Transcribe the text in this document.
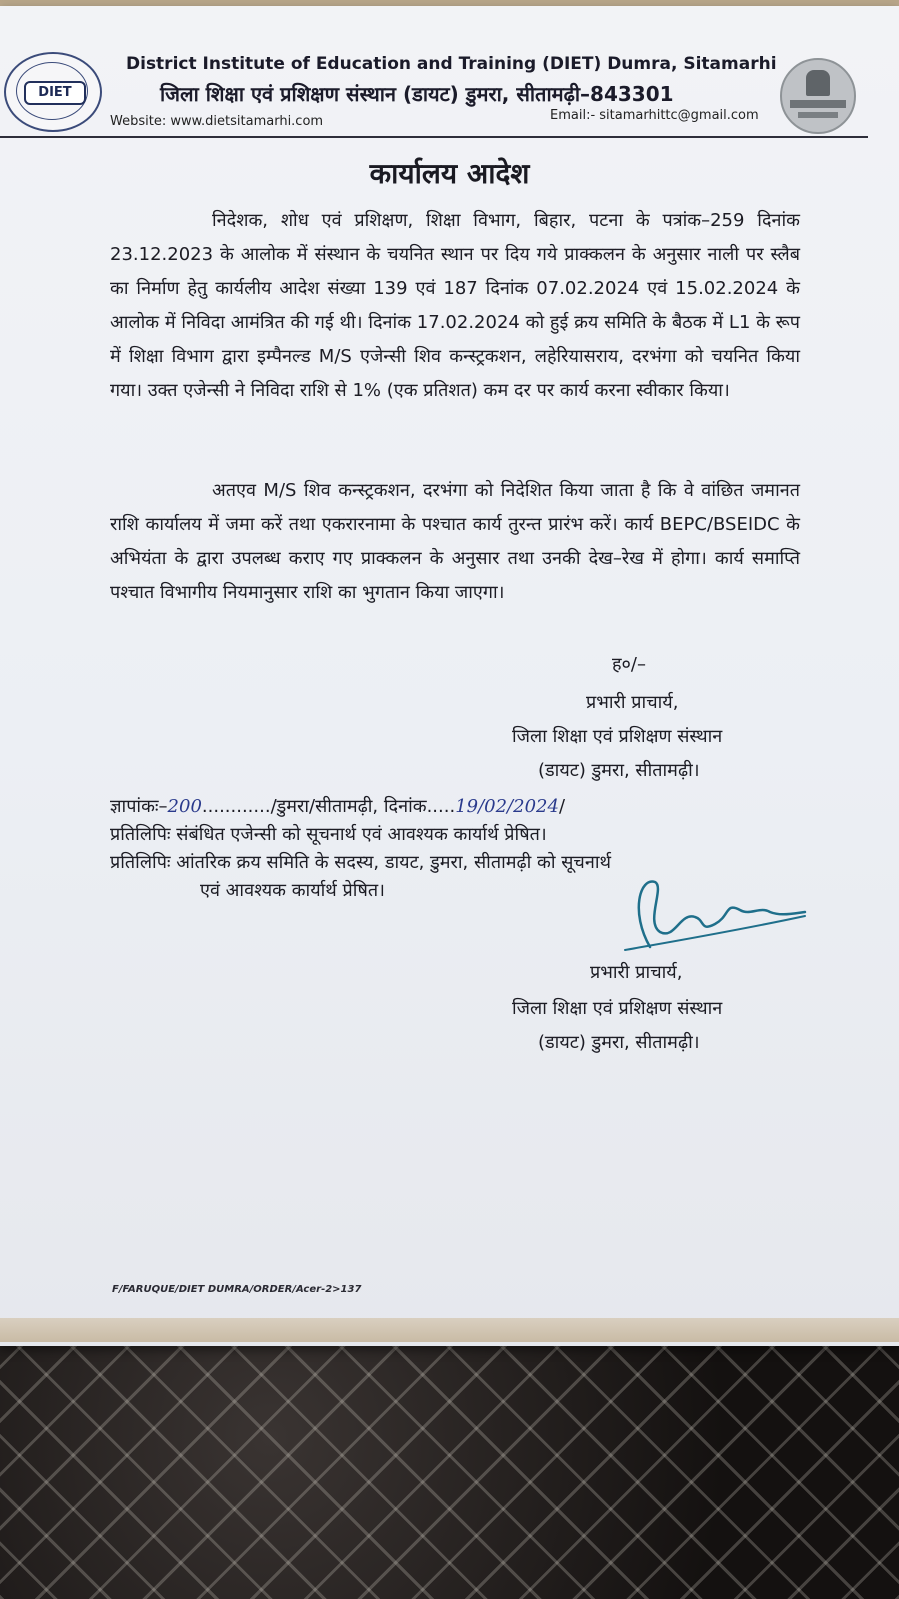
DIET
District Institute of Education and Training (DIET) Dumra, Sitamarhi
जिला शिक्षा एवं प्रशिक्षण संस्थान (डायट) डुमरा, सीतामढ़ी–843301
Website: www.dietsitamarhi.com	Email:- sitamarhittc@gmail.com
कार्यालय आदेश
निदेशक, शोध एवं प्रशिक्षण, शिक्षा विभाग, बिहार, पटना के पत्रांक–259 दिनांक 23.12.2023 के आलोक में संस्थान के चयनित स्थान पर दिय गये प्राक्कलन के अनुसार नाली पर स्लैब का निर्माण हेतु कार्यलीय आदेश संख्या 139 एवं 187 दिनांक 07.02.2024 एवं 15.02.2024 के आलोक में निविदा आमंत्रित की गई थी। दिनांक 17.02.2024 को हुई क्रय समिति के बैठक में L1 के रूप में शिक्षा विभाग द्वारा इम्पैनल्ड M/S एजेन्सी शिव कन्स्ट्रकशन, लहेरियासराय, दरभंगा को चयनित किया गया। उक्त एजेन्सी ने निविदा राशि से 1% (एक प्रतिशत) कम दर पर कार्य करना स्वीकार किया।
अतएव M/S शिव कन्स्ट्रकशन, दरभंगा को निदेशित किया जाता है कि वे वांछित जमानत राशि कार्यालय में जमा करें तथा एकरारनामा के पश्चात कार्य तुरन्त प्रारंभ करें। कार्य BEPC/BSEIDC के अभियंता के द्वारा उपलब्ध कराए गए प्राक्कलन के अनुसार तथा उनकी देख–रेख में होगा। कार्य समाप्ति पश्चात विभागीय नियमानुसार राशि का भुगतान किया जाएगा।
ह०/–
प्रभारी प्राचार्य,
जिला शिक्षा एवं प्रशिक्षण संस्थान
(डायट) डुमरा, सीतामढ़ी।
ज्ञापांकः–200............/डुमरा/सीतामढ़ी, दिनांक.....19/02/2024/
प्रतिलिपिः संबंधित एजेन्सी को सूचनार्थ एवं आवश्यक कार्यार्थ प्रेषित।
प्रतिलिपिः आंतरिक क्रय समिति के सदस्य, डायट, डुमरा, सीतामढ़ी को सूचनार्थ
एवं आवश्यक कार्यार्थ प्रेषित।
प्रभारी प्राचार्य,
जिला शिक्षा एवं प्रशिक्षण संस्थान
(डायट) डुमरा, सीतामढ़ी।
F/FARUQUE/DIET DUMRA/ORDER/Acer-2>137
